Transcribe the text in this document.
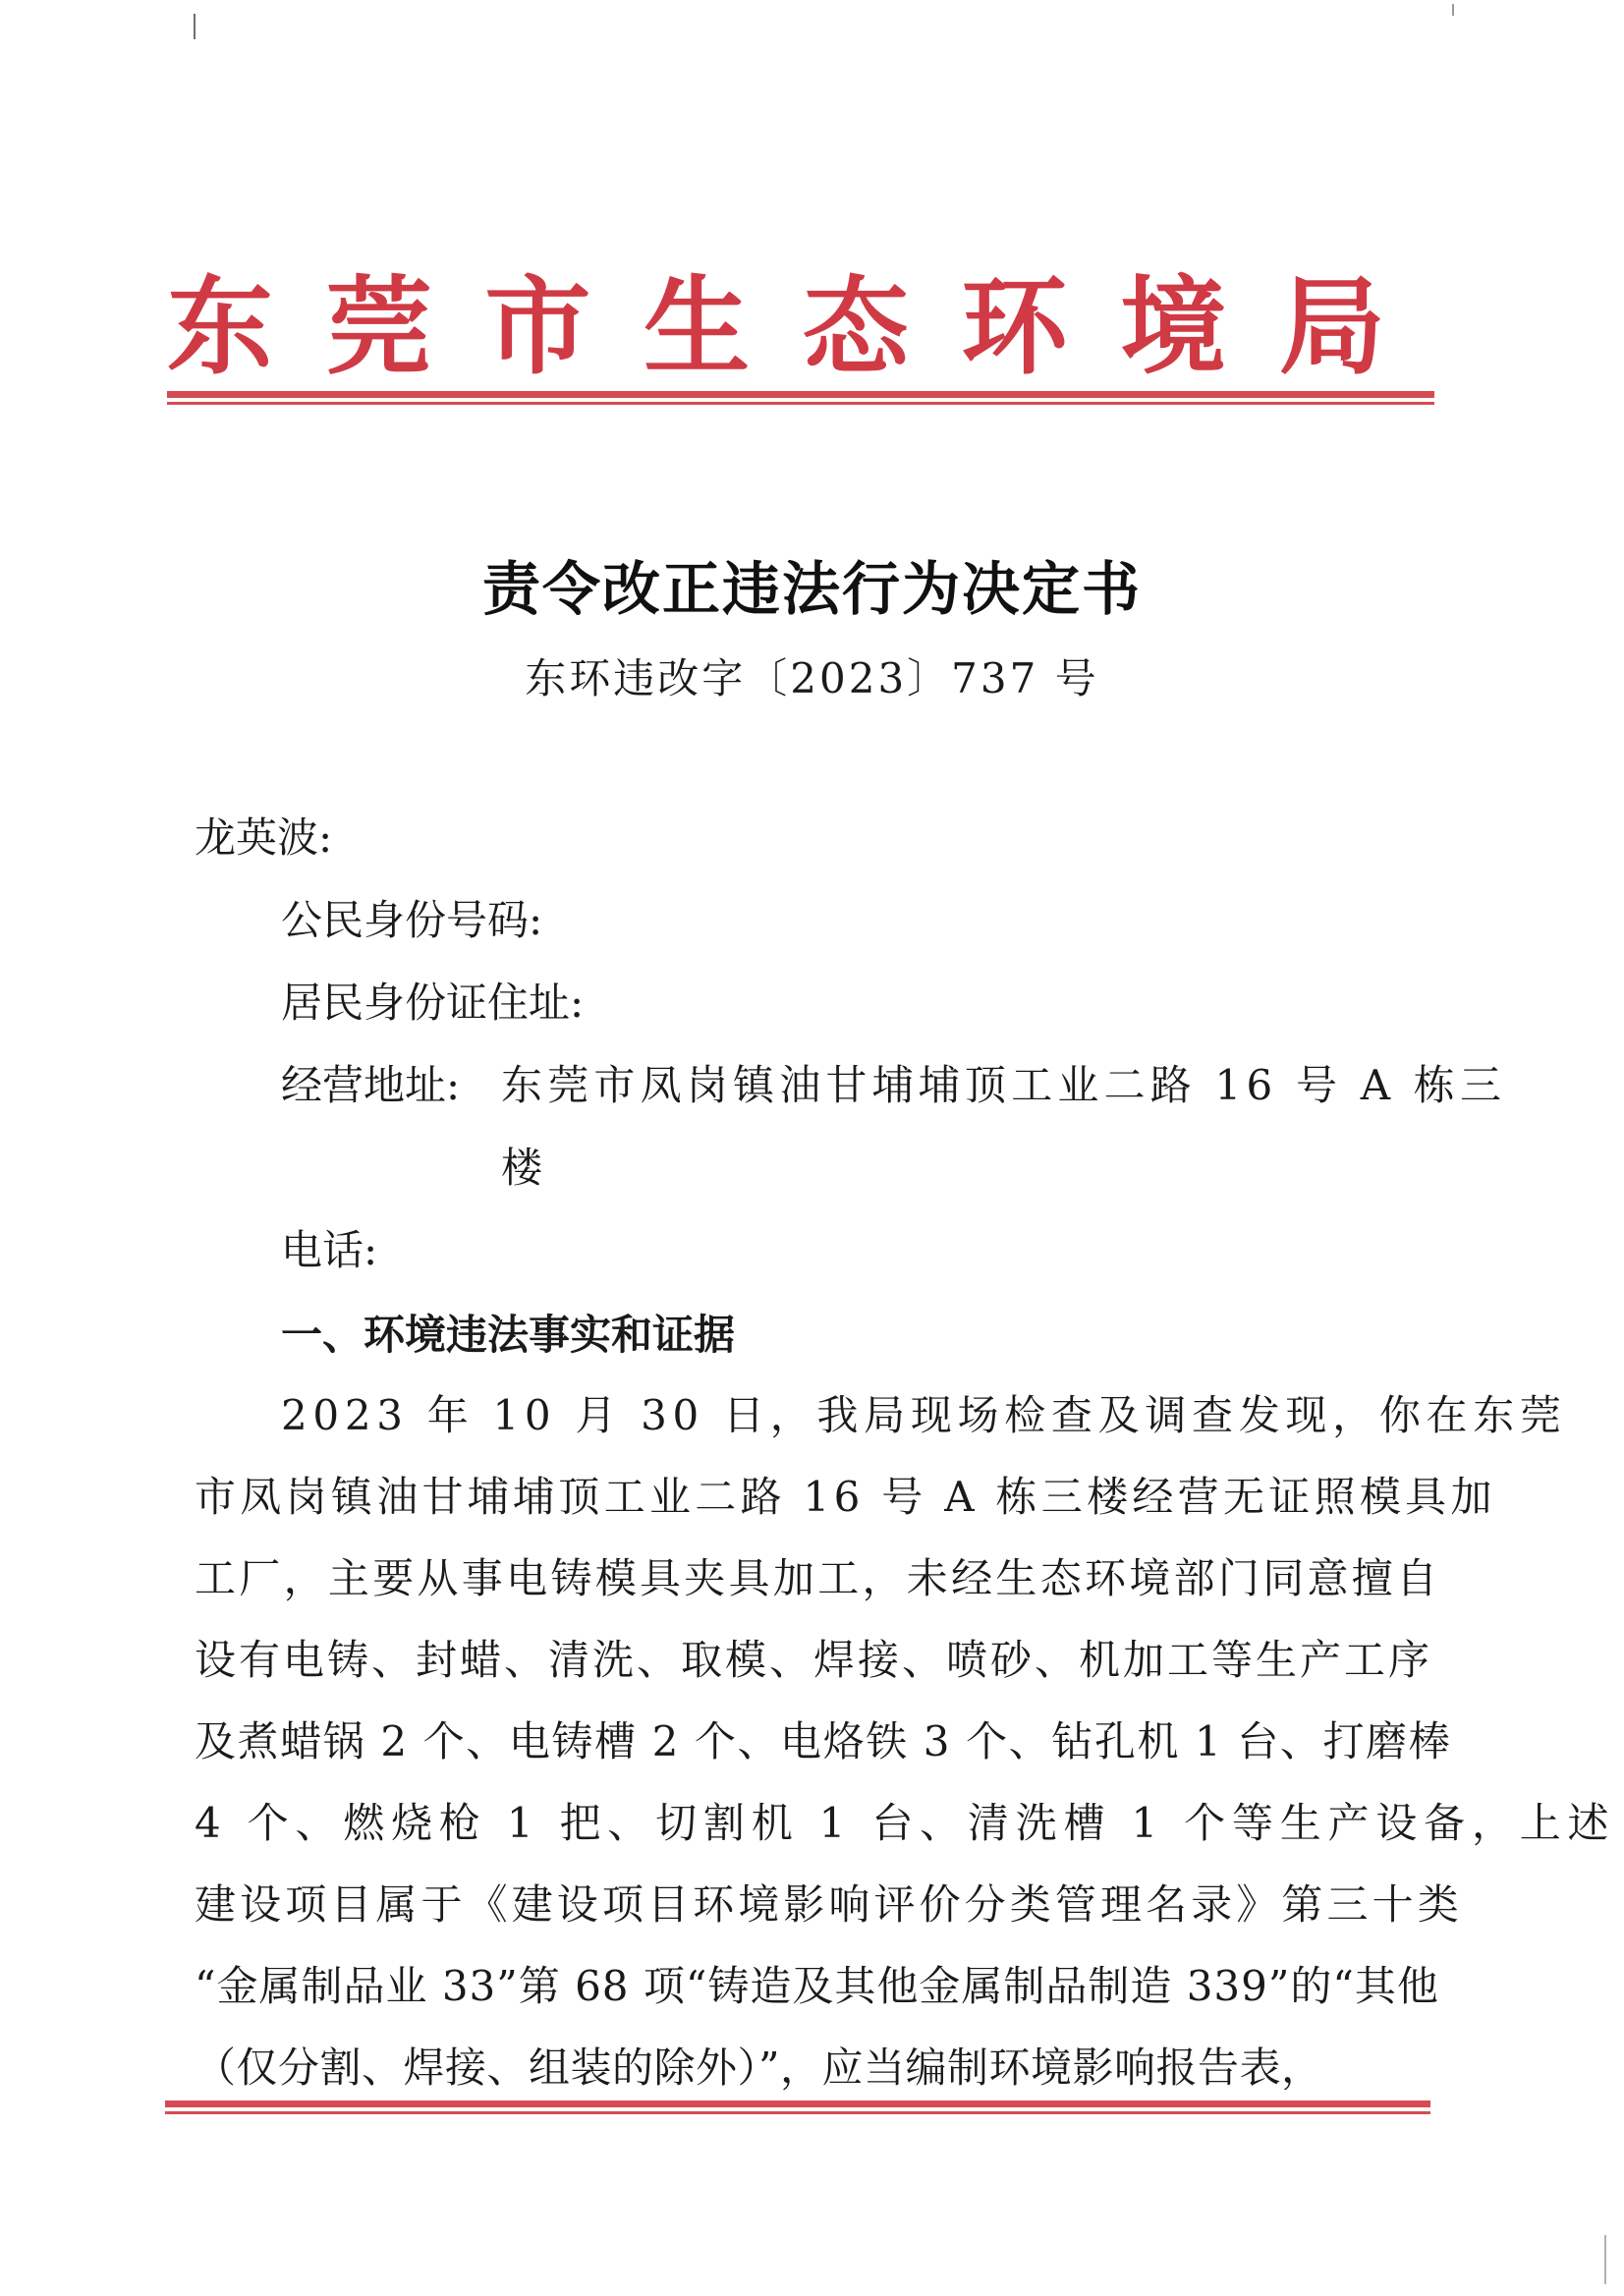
东 莞 市 生 态 环 境 局
责令改正违法行为决定书
东环违改字〔2023〕737 号
龙英波:
公民身份号码:
居民身份证住址:
经营地址: 东莞市凤岗镇油甘埔埔顶工业二路 16 号 A 栋三
楼
电话:
一、环境违法事实和证据
2023 年 10 月 30 日，我局现场检查及调查发现，你在东莞
市凤岗镇油甘埔埔顶工业二路 16 号 A 栋三楼经营无证照模具加
工厂，主要从事电铸模具夹具加工，未经生态环境部门同意擅自
设有电铸、封蜡、清洗、取模、焊接、喷砂、机加工等生产工序
及煮蜡锅 2 个、电铸槽 2 个、电烙铁 3 个、钻孔机 1 台、打磨棒
4 个、燃烧枪 1 把、切割机 1 台、清洗槽 1 个等生产设备，上述
建设项目属于《建设项目环境影响评价分类管理名录》第三十类
“金属制品业 33”第 68 项“铸造及其他金属制品制造 339”的“其他
（仅分割、焊接、组装的除外）”，应当编制环境影响报告表，
